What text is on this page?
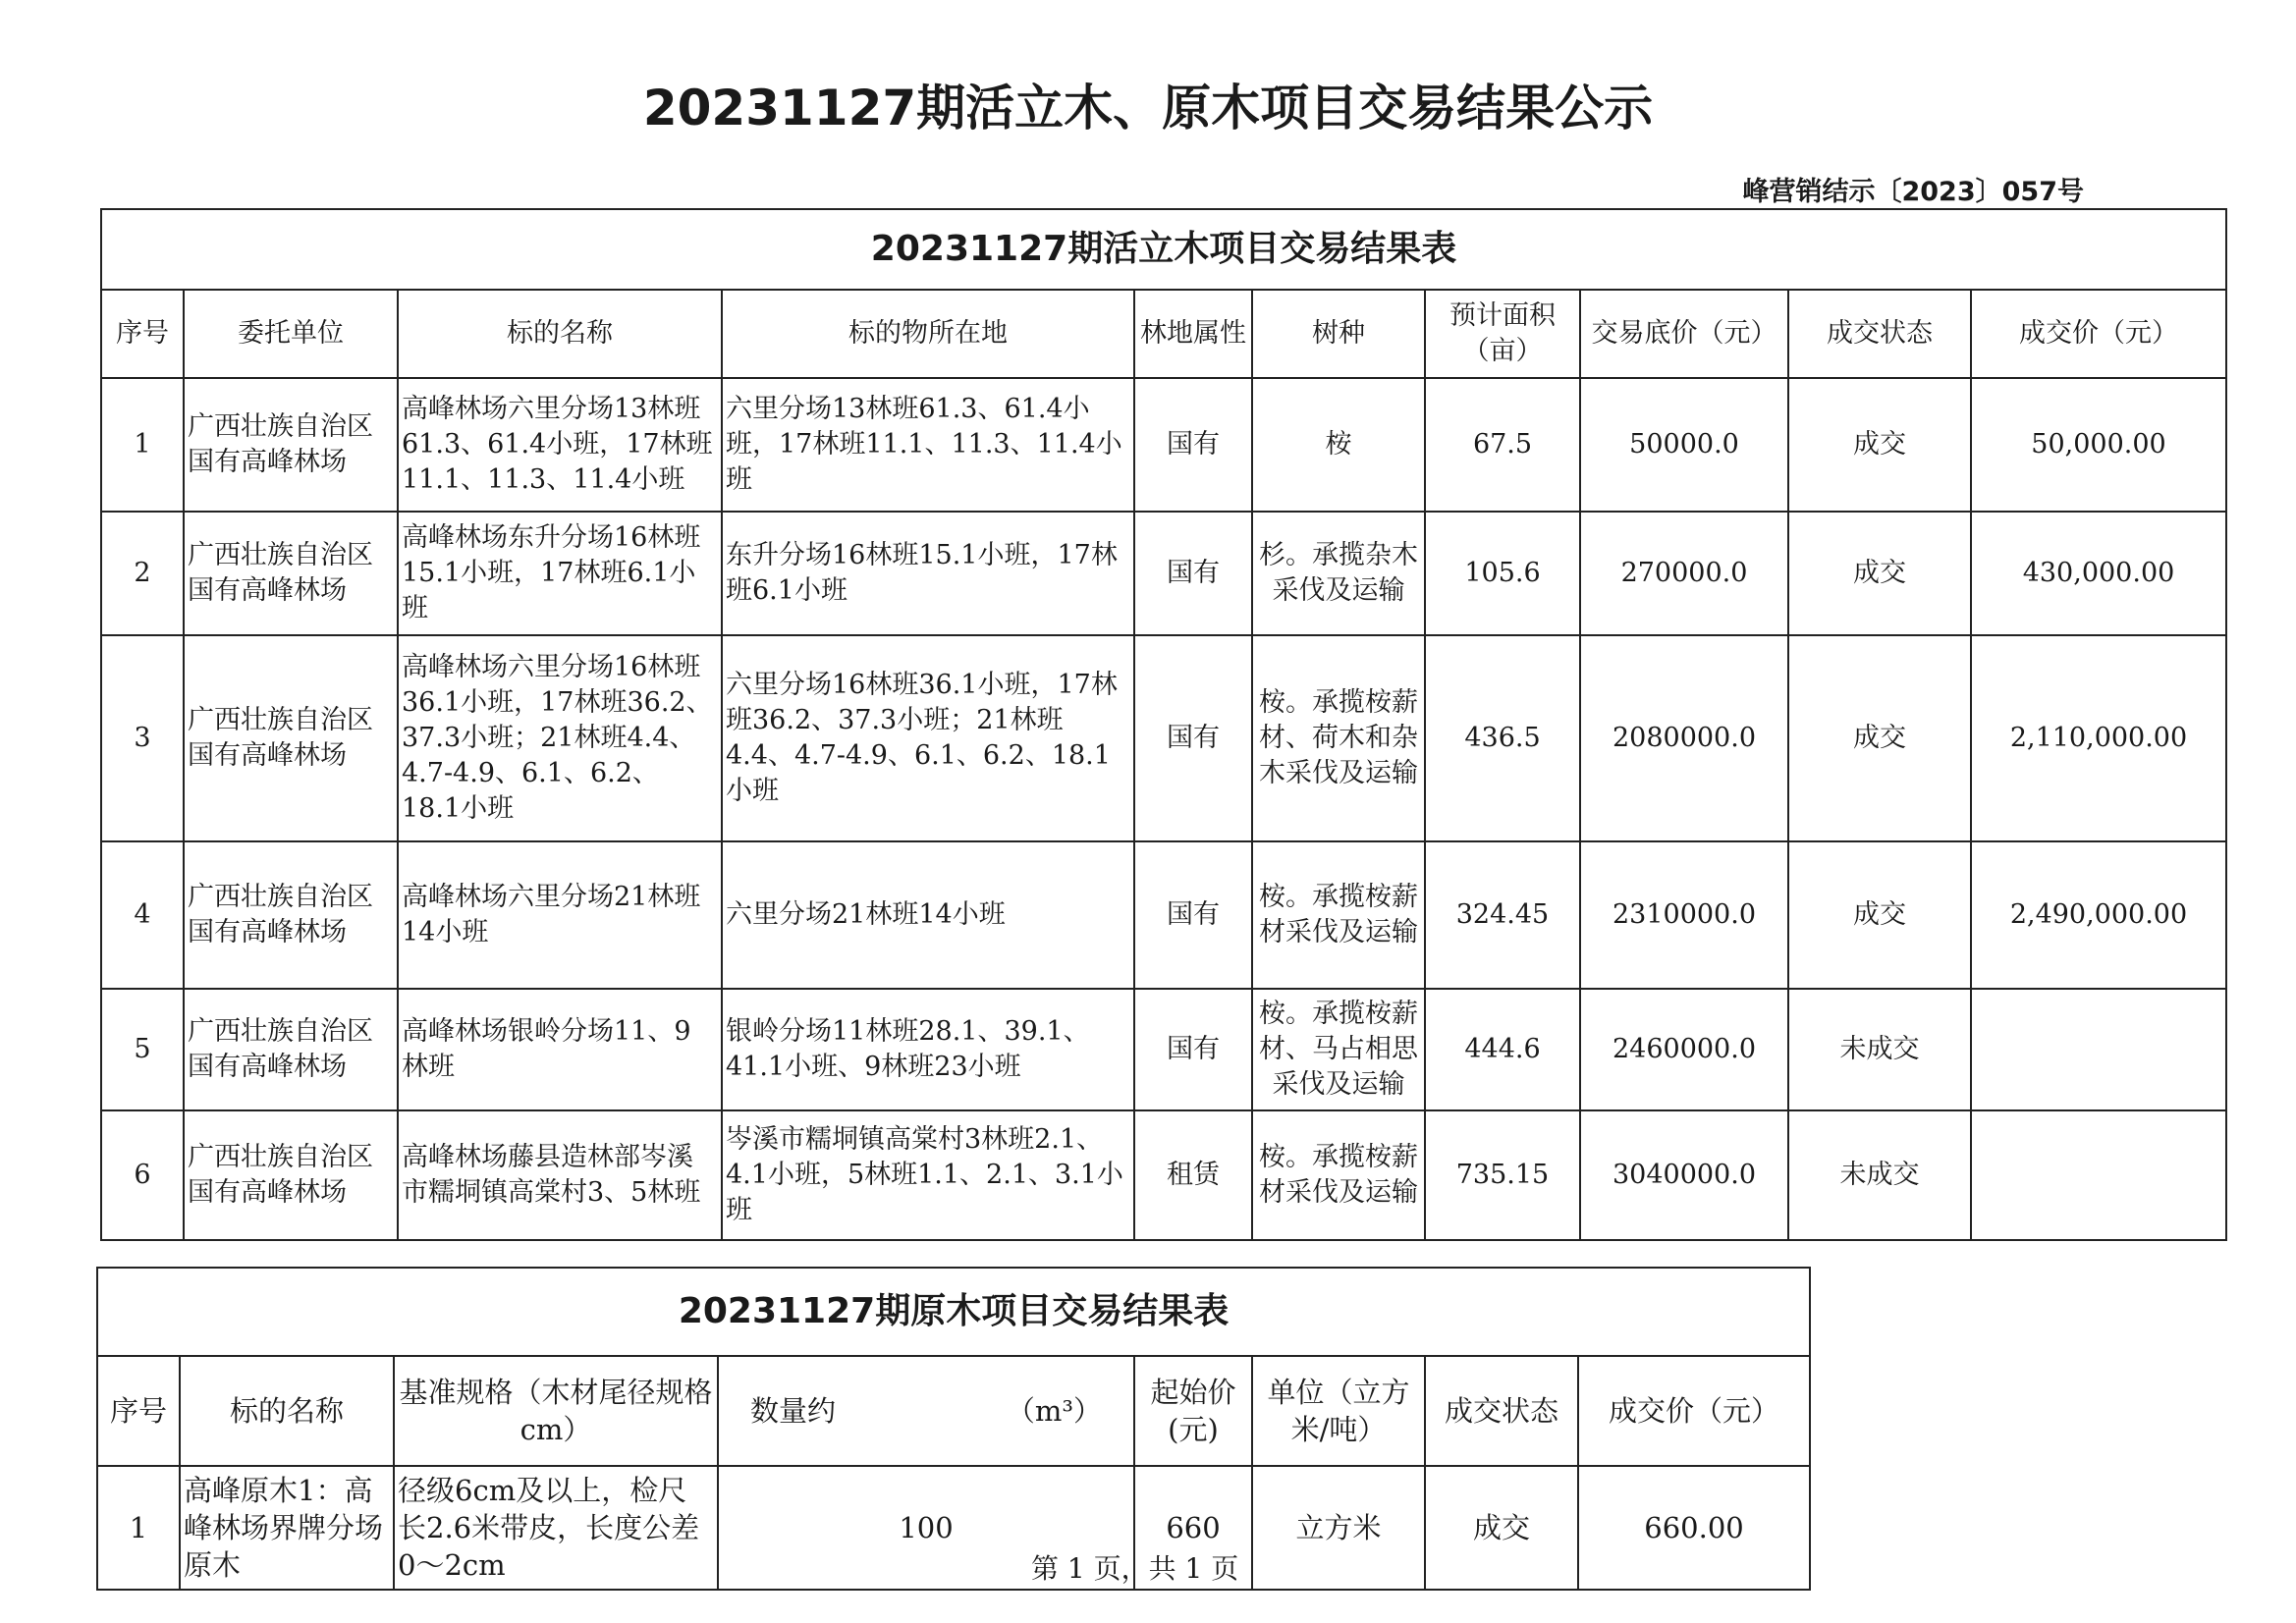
20231127期活立木、原木项目交易结果公示
峰营销结示〔2023〕057号
20231127期活立木项目交易结果表									
序号	委托单位	标的名称	标的物所在地	林地属性	树种	预计面积（亩）	交易底价（元）	成交状态	成交价（元）
1	广西壮族自治区国有高峰林场	高峰林场六里分场13林班61.3、61.4小班，17林班11.1、11.3、11.4小班	六里分场13林班61.3、61.4小班，17林班11.1、11.3、11.4小班	国有	桉	67.5	50000.0	成交	50,000.00
2	广西壮族自治区国有高峰林场	高峰林场东升分场16林班15.1小班，17林班6.1小班	东升分场16林班15.1小班，17林班6.1小班	国有	杉。承揽杂木采伐及运输	105.6	270000.0	成交	430,000.00
3	广西壮族自治区国有高峰林场	高峰林场六里分场16林班36.1小班，17林班36.2、37.3小班；21林班4.4、4.7-4.9、6.1、6.2、18.1小班	六里分场16林班36.1小班，17林班36.2、37.3小班；21林班4.4、4.7-4.9、6.1、6.2、18.1小班	国有	桉。承揽桉薪材、荷木和杂木采伐及运输	436.5	2080000.0	成交	2,110,000.00
4	广西壮族自治区国有高峰林场	高峰林场六里分场21林班14小班	六里分场21林班14小班	国有	桉。承揽桉薪材采伐及运输	324.45	2310000.0	成交	2,490,000.00
5	广西壮族自治区国有高峰林场	高峰林场银岭分场11、9林班	银岭分场11林班28.1、39.1、41.1小班、9林班23小班	国有	桉。承揽桉薪材、马占相思采伐及运输	444.6	2460000.0	未成交	
6	广西壮族自治区国有高峰林场	高峰林场藤县造林部岑溪市糯垌镇高棠村3、5林班	岑溪市糯垌镇高棠村3林班2.1、4.1小班，5林班1.1、2.1、3.1小班	租赁	桉。承揽桉薪材采伐及运输	735.15	3040000.0	未成交	
20231127期原木项目交易结果表							
序号	标的名称	基准规格（木材尾径规格cm）	数量约 （m³）	起始价(元)	单位（立方米/吨）	成交状态	成交价（元）
1	高峰原木1：高峰林场界牌分场原木	径级6cm及以上，检尺长2.6米带皮，长度公差0～2cm	100	660	立方米	成交	660.00
第 1 页，共 1 页
